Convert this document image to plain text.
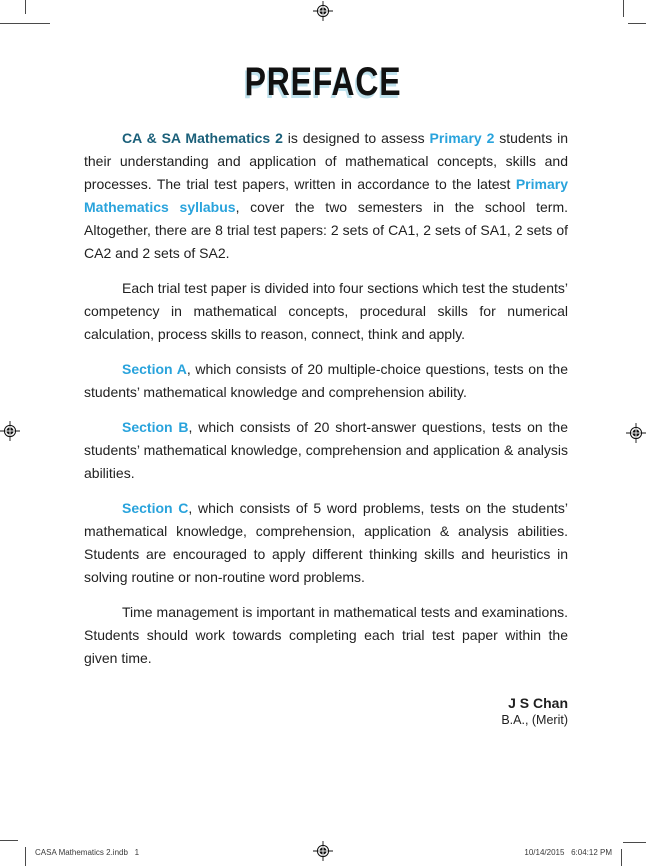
PREFACE

CA & SA Mathematics 2 is designed to assess Primary 2 students in their understanding and application of mathematical concepts, skills and processes. The trial test papers, written in accordance to the latest Primary Mathematics syllabus, cover the two semesters in the school term. Altogether, there are 8 trial test papers: 2 sets of CA1, 2 sets of SA1, 2 sets of CA2 and 2 sets of SA2.

Each trial test paper is divided into four sections which test the students’ competency in mathematical concepts, procedural skills for numerical calculation, process skills to reason, connect, think and apply.

Section A, which consists of 20 multiple-choice questions, tests on the students’ mathematical knowledge and comprehension ability.

Section B, which consists of 20 short-answer questions, tests on the students’ mathematical knowledge, comprehension and application & analysis abilities.

Section C, which consists of 5 word problems, tests on the students’ mathematical knowledge, comprehension, application & analysis abilities. Students are encouraged to apply different thinking skills and heuristics in solving routine or non-routine word problems.

Time management is important in mathematical tests and examinations. Students should work towards completing each trial test paper within the given time.

J S Chan
B.A., (Merit)
CASA Mathematics 2.indb   1	10/14/2015   6:04:12 PM
